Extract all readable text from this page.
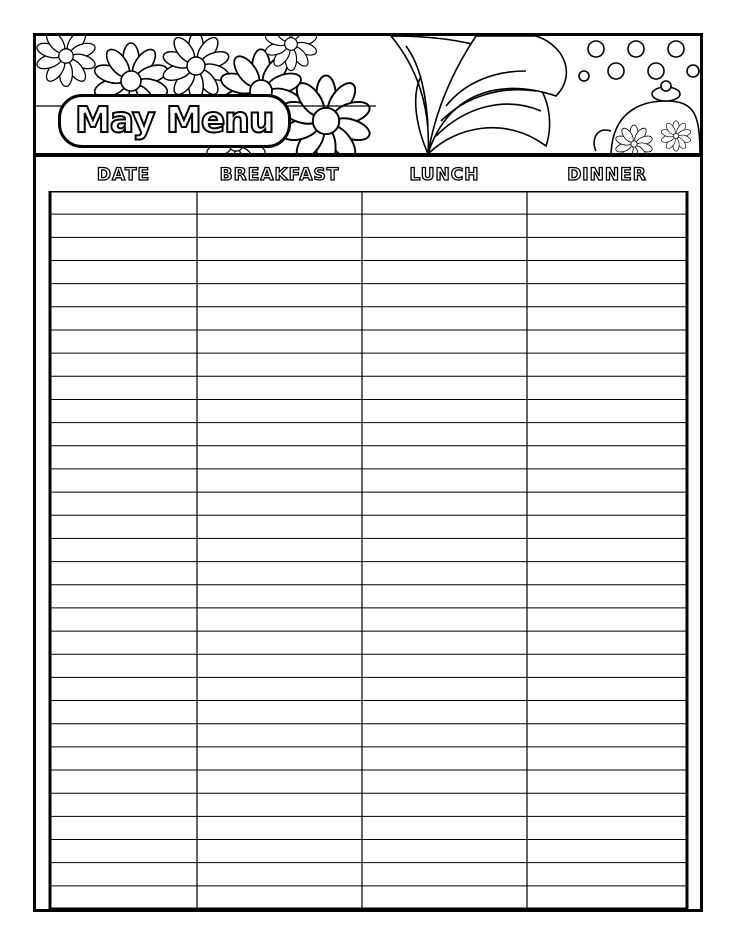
May Menu
DATE	BREAKFAST	LUNCH	DINNER
